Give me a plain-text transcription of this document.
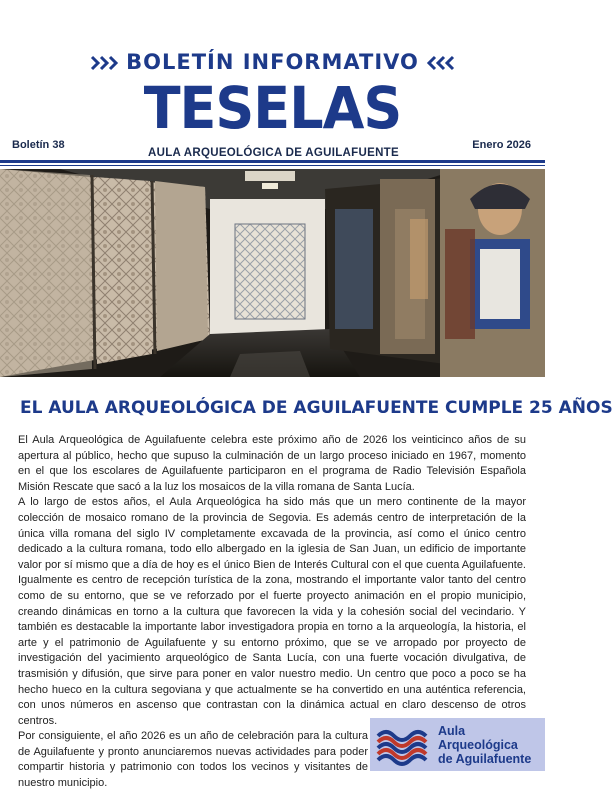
BOLETÍN INFORMATIVO
TESELAS
Boletín 38
AULA ARQUEOLÓGICA DE AGUILAFUENTE
Enero 2026
EL AULA ARQUEOLÓGICA DE AGUILAFUENTE CUMPLE 25 AÑOS

El Aula Arqueológica de Aguilafuente celebra este próximo año de 2026 los veinticinco años de su apertura al público, hecho que supuso la culminación de un largo proceso iniciado en 1967, momento en el que los escolares de Aguilafuente participaron en el programa de Radio Televisión Española Misión Rescate que sacó a la luz los mosaicos de la villa romana de Santa Lucía.

A lo largo de estos años, el Aula Arqueológica ha sido más que un mero continente de la mayor colección de mosaico romano de la provincia de Segovia. Es además centro de interpretación de la única villa romana del siglo IV completamente excavada de la provincia, así como el único centro dedicado a la cultura romana, todo ello albergado en la iglesia de San Juan, un edificio de importante valor por sí mismo que a día de hoy es el único Bien de Interés Cultural con el que cuenta Aguilafuente. Igualmente es centro de recepción turística de la zona, mostrando el importante valor tanto del centro como de su entorno, que se ve reforzado por el fuerte proyecto animación en el propio municipio, creando dinámicas en torno a la cultura que favorecen la vida y la cohesión social del vecindario. Y también es destacable la importante labor investigadora propia en torno a la arqueología, la historia, el arte y el patrimonio de Aguilafuente y su entorno próximo, que se ve arropado por proyecto de investigación del yacimiento arqueológico de Santa Lucía, con una fuerte vocación divulgativa, de trasmisión y difusión, que sirve para poner en valor nuestro medio. Un centro que poco a poco se ha hecho hueco en la cultura segoviana y que actualmente se ha convertido en una auténtica referencia, con unos números en ascenso que contrastan con la dinámica actual en claro descenso de otros centros.

Por consiguiente, el año 2026 es un año de celebración para la cultura de Aguilafuente y pronto anunciaremos nuevas actividades para poder compartir historia y patrimonio con todos los vecinos y visitantes de nuestro municipio.

Aula
Arqueológica
de Aguilafuente
